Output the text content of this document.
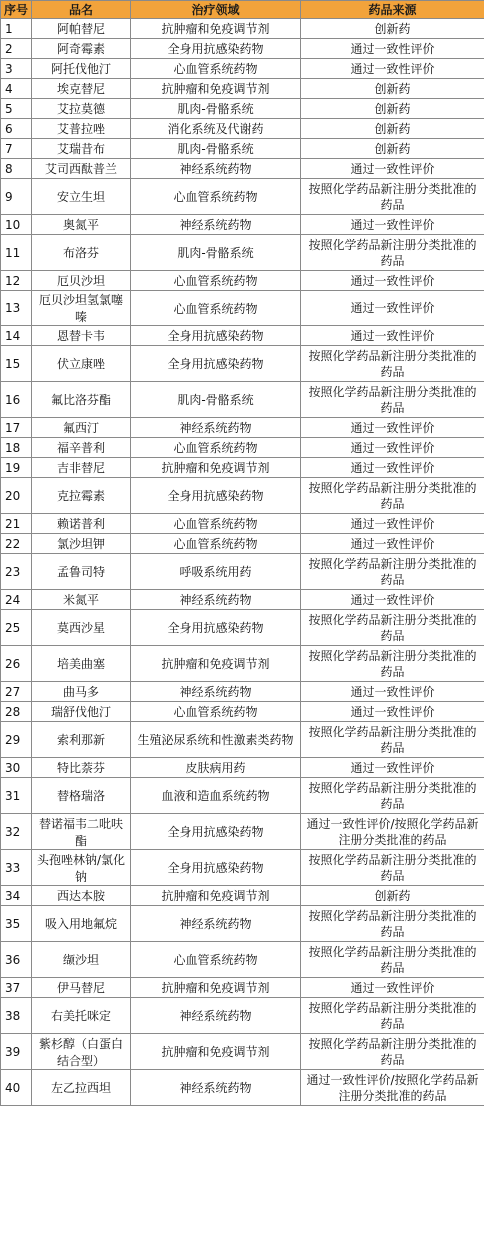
序号	品名	治疗领域	药品来源
1	阿帕替尼	抗肿瘤和免疫调节剂	创新药
2	阿奇霉素	全身用抗感染药物	通过一致性评价
3	阿托伐他汀	心血管系统药物	通过一致性评价
4	埃克替尼	抗肿瘤和免疫调节剂	创新药
5	艾拉莫德	肌肉-骨骼系统	创新药
6	艾普拉唑	消化系统及代谢药	创新药
7	艾瑞昔布	肌肉-骨骼系统	创新药
8	艾司西酞普兰	神经系统药物	通过一致性评价
9	安立生坦	心血管系统药物	按照化学药品新注册分类批准的药品
10	奥氮平	神经系统药物	通过一致性评价
11	布洛芬	肌肉-骨骼系统	按照化学药品新注册分类批准的药品
12	厄贝沙坦	心血管系统药物	通过一致性评价
13	厄贝沙坦氢氯噻嗪	心血管系统药物	通过一致性评价
14	恩替卡韦	全身用抗感染药物	通过一致性评价
15	伏立康唑	全身用抗感染药物	按照化学药品新注册分类批准的药品
16	氟比洛芬酯	肌肉-骨骼系统	按照化学药品新注册分类批准的药品
17	氟西汀	神经系统药物	通过一致性评价
18	福辛普利	心血管系统药物	通过一致性评价
19	吉非替尼	抗肿瘤和免疫调节剂	通过一致性评价
20	克拉霉素	全身用抗感染药物	按照化学药品新注册分类批准的药品
21	赖诺普利	心血管系统药物	通过一致性评价
22	氯沙坦钾	心血管系统药物	通过一致性评价
23	孟鲁司特	呼吸系统用药	按照化学药品新注册分类批准的药品
24	米氮平	神经系统药物	通过一致性评价
25	莫西沙星	全身用抗感染药物	按照化学药品新注册分类批准的药品
26	培美曲塞	抗肿瘤和免疫调节剂	按照化学药品新注册分类批准的药品
27	曲马多	神经系统药物	通过一致性评价
28	瑞舒伐他汀	心血管系统药物	通过一致性评价
29	索利那新	生殖泌尿系统和性激素类药物	按照化学药品新注册分类批准的药品
30	特比萘芬	皮肤病用药	通过一致性评价
31	替格瑞洛	血液和造血系统药物	按照化学药品新注册分类批准的药品
32	替诺福韦二吡呋酯	全身用抗感染药物	通过一致性评价/按照化学药品新注册分类批准的药品
33	头孢唑林钠/氯化钠	全身用抗感染药物	按照化学药品新注册分类批准的药品
34	西达本胺	抗肿瘤和免疫调节剂	创新药
35	吸入用地氟烷	神经系统药物	按照化学药品新注册分类批准的药品
36	缬沙坦	心血管系统药物	按照化学药品新注册分类批准的药品
37	伊马替尼	抗肿瘤和免疫调节剂	通过一致性评价
38	右美托咪定	神经系统药物	按照化学药品新注册分类批准的药品
39	紫杉醇（白蛋白结合型）	抗肿瘤和免疫调节剂	按照化学药品新注册分类批准的药品
40	左乙拉西坦	神经系统药物	通过一致性评价/按照化学药品新注册分类批准的药品
